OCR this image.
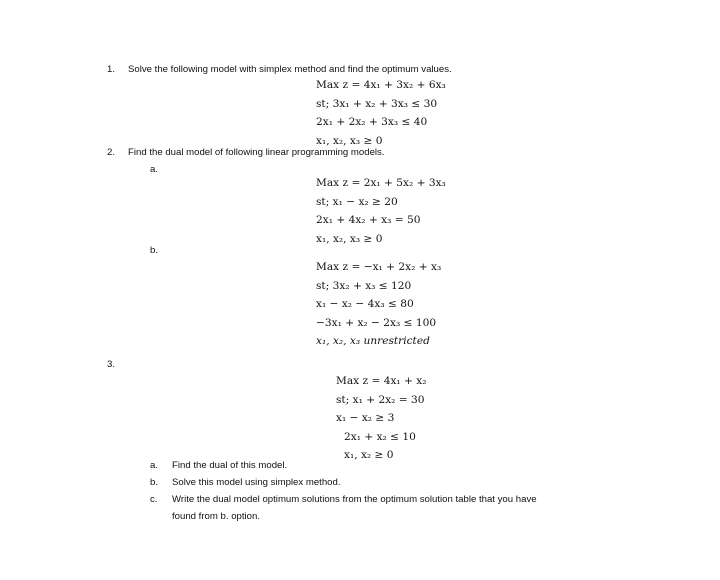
1. Solve the following model with simplex method and find the optimum values.
Max z = 4x₁ + 3x₂ + 6x₃
st; 3x₁ + x₂ + 3x₃ ≤ 30
2x₁ + 2x₂ + 3x₃ ≤ 40
x₁, x₂, x₃ ≥ 0
2. Find the dual model of following linear programming models.
a.
Max z = 2x₁ + 5x₂ + 3x₃
st; x₁ − x₂ ≥ 20
2x₁ + 4x₂ + x₃ = 50
x₁, x₂, x₃ ≥ 0
b.
Max z = −x₁ + 2x₂ + x₃
st; 3x₂ + x₃ ≤ 120
x₁ − x₂ − 4x₃ ≤ 80
−3x₁ + x₂ − 2x₃ ≤ 100
x₁, x₂, x₃ unrestricted
3.
Max z = 4x₁ + x₂
st; x₁ + 2x₂ = 30
x₁ − x₂ ≥ 3
2x₁ + x₂ ≤ 10
x₁, x₂ ≥ 0
a. Find the dual of this model.
b. Solve this model using simplex method.
c. Write the dual model optimum solutions from the optimum solution table that you have
found from b. option.
